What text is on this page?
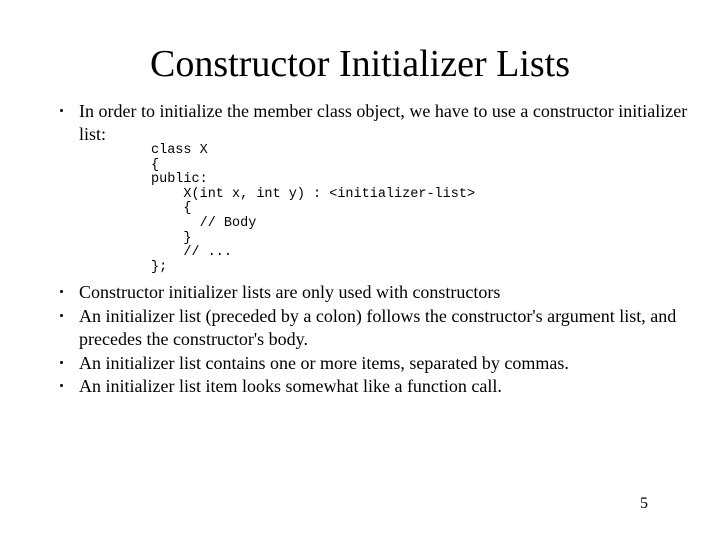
Constructor Initializer Lists
In order to initialize the member class object, we have to use a constructor initializer list:
class X
{
public:
X(int x, int y) : <initializer-list>
{
// Body
}
// ...
};
Constructor initializer lists are only used with constructors
An initializer list (preceded by a colon) follows the constructor's argument list, and precedes the constructor's body.
An initializer list contains one or more items, separated by commas.
An initializer list item looks somewhat like a function call.
5
